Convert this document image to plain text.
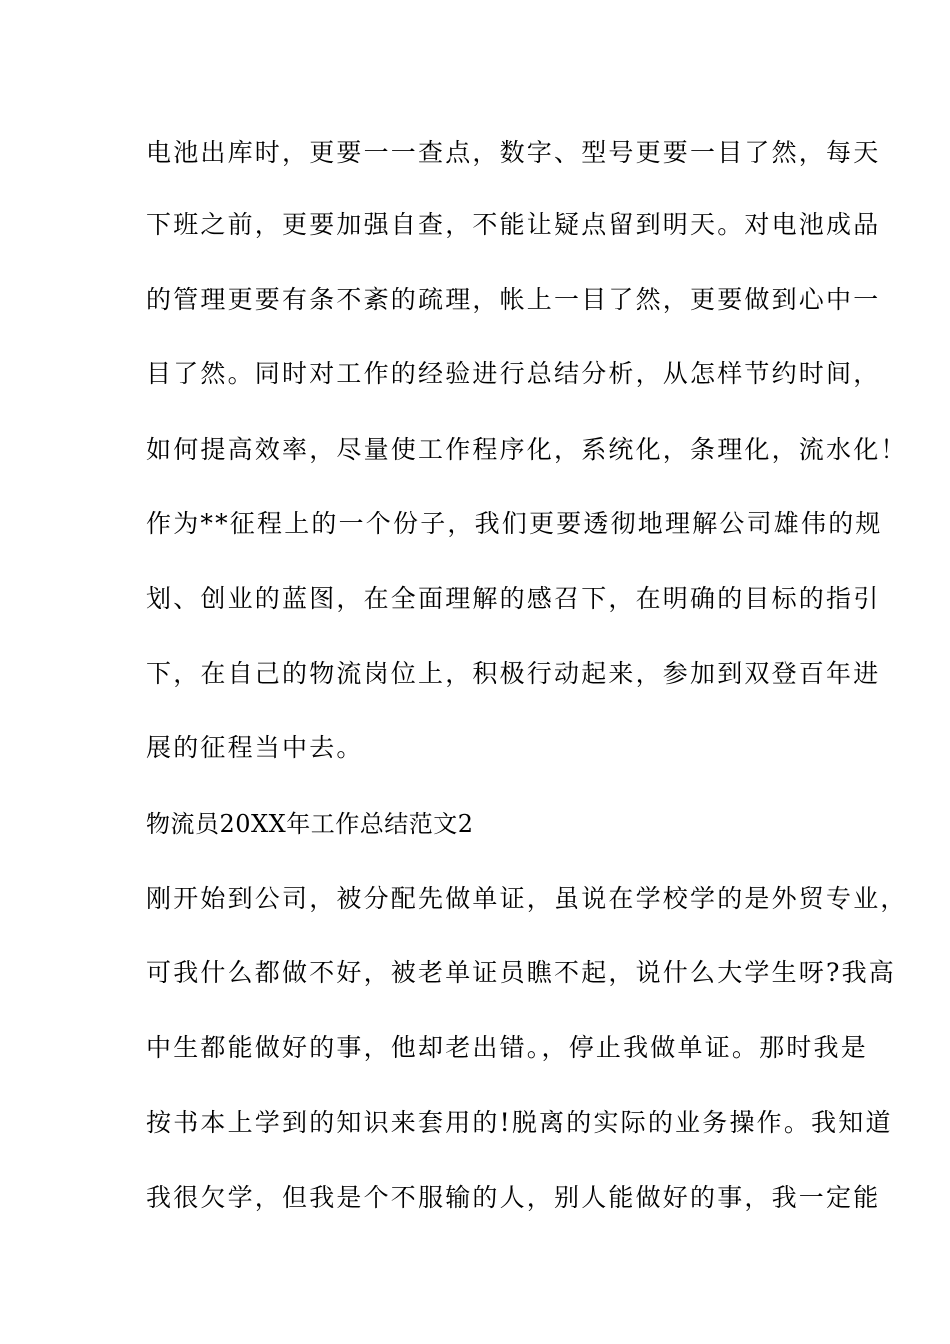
电池出库时，更要一一查点，数字、型号更要一目了然，每天
下班之前，更要加强自查，不能让疑点留到明天。对电池成品
的管理更要有条不紊的疏理，帐上一目了然，更要做到心中一
目了然。同时对工作的经验进行总结分析，从怎样节约时间，
如何提高效率，尽量使工作程序化，系统化，条理化，流水化！
作为**征程上的一个份子，我们更要透彻地理解公司雄伟的规
划、创业的蓝图，在全面理解的感召下，在明确的目标的指引
下，在自己的物流岗位上，积极行动起来，参加到双登百年进
展的征程当中去。
物流员20XX年工作总结范文2
刚开始到公司，被分配先做单证，虽说在学校学的是外贸专业，
可我什么都做不好，被老单证员瞧不起，说什么大学生呀?我高
中生都能做好的事，他却老出错。，停止我做单证。那时我是
按书本上学到的知识来套用的!脱离的实际的业务操作。我知道
我很欠学，但我是个不服输的人，别人能做好的事，我一定能
